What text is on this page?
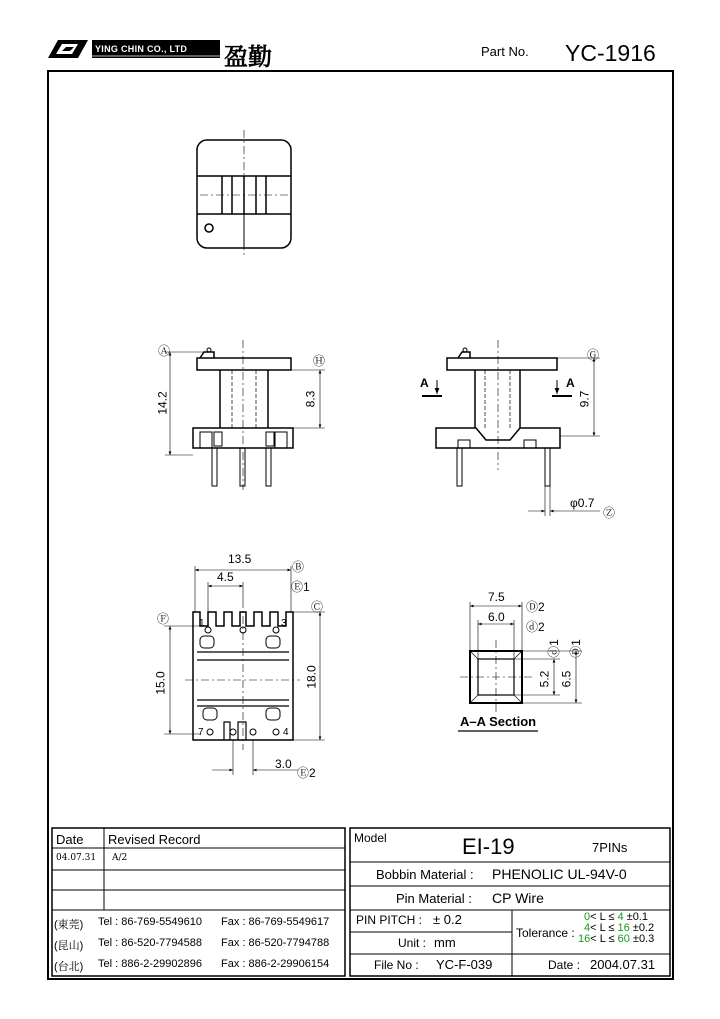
YING CHIN CO., LTD 盈勤	Part No. YC-1916
Ⓐ
14.2
Ⓗ
8.3
Ⓖ
9.7
A	A
φ0.7
Ⓩ
13.5
Ⓑ
4.5
Ⓔ1
Ⓒ
Ⓕ
15.0	18.0
3.0
Ⓔ2
1	3
7	4
7.5
Ⓓ2
6.0
ⓓ2
ⓓ1 Ⓓ1
5.2 6.5
A–A Section
Date Revised Record
04.07.31 A/2
(東莞) Tel : 86-769-5549610 Fax : 86-769-5549617
(昆山) Tel : 86-520-7794588 Fax : 86-520-7794788
(台北) Tel : 886-2-29902896 Fax : 886-2-29906154
Model	EI-19	7PINs
Bobbin Material : PHENOLIC UL-94V-0
Pin Material : CP Wire
PIN PITCH : ± 0.2
Unit : mm
File No : YC-F-039
Tolerance :
0< L ≤ 4 ±0.1
4< L ≤ 16 ±0.2
16< L ≤ 60 ±0.3
Date : 2004.07.31
